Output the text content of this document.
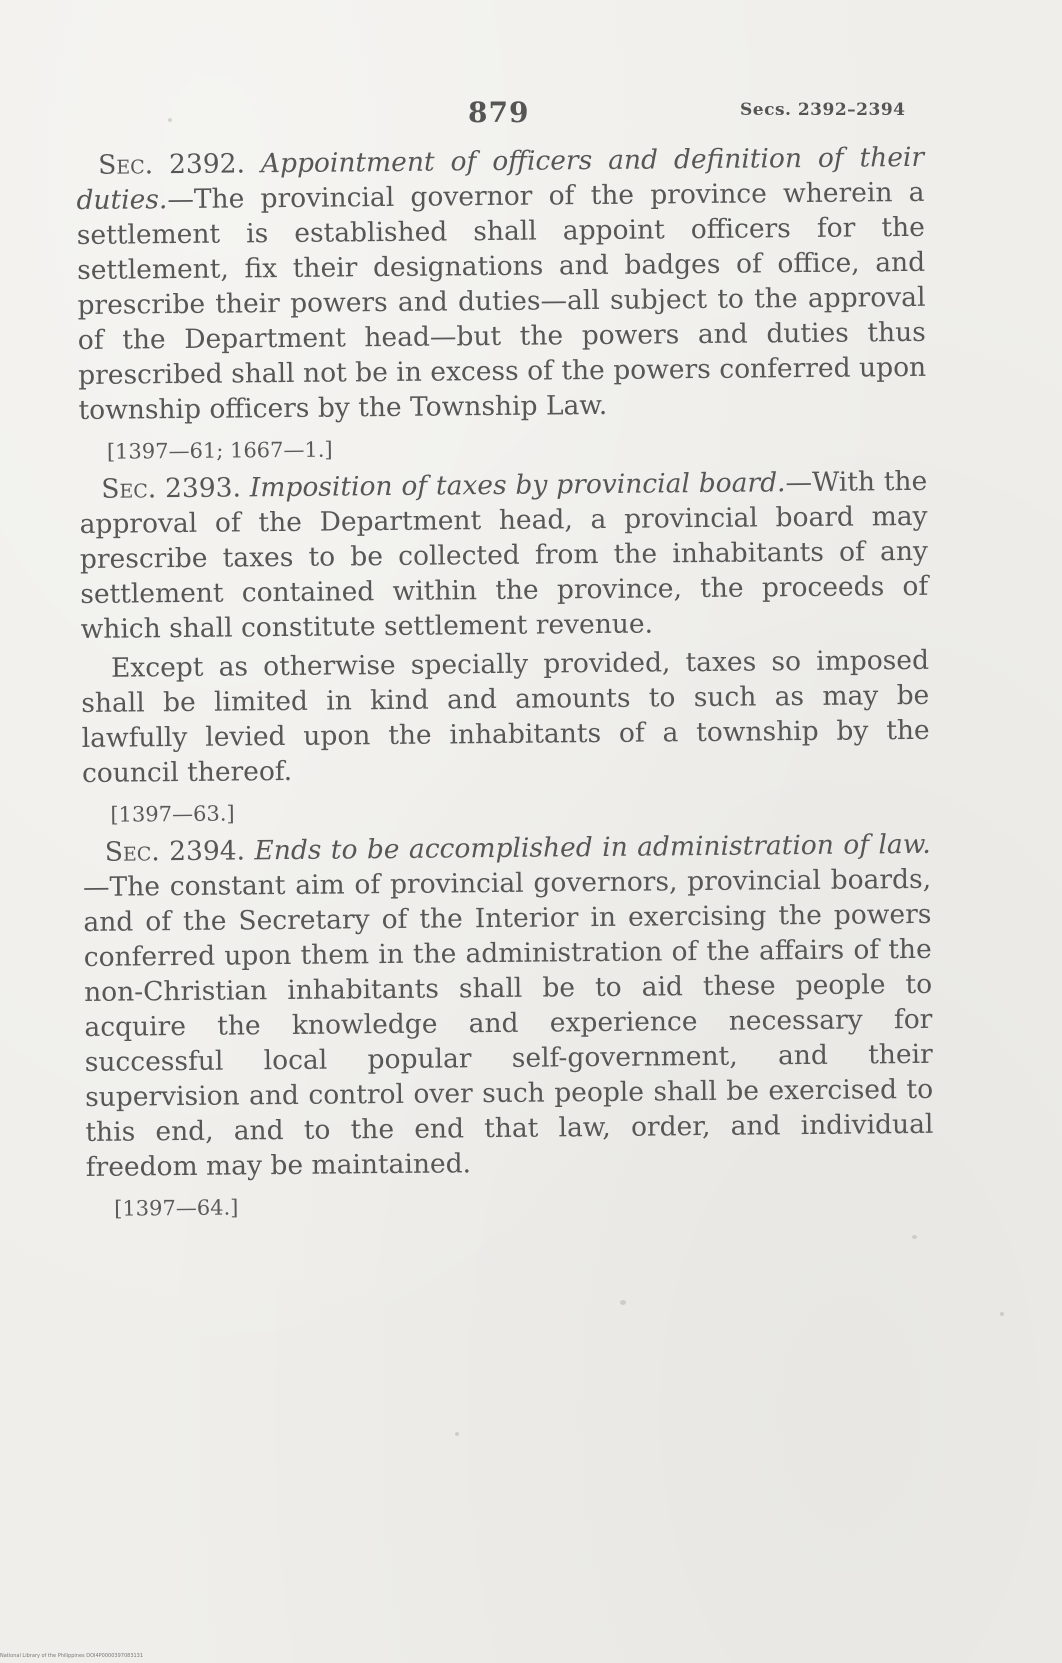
879	Secs. 2392–2394

Sec. 2392. Appointment of officers and definition of their duties.—The provincial governor of the province wherein a settlement is established shall appoint officers for the settlement, fix their designations and badges of office, and prescribe their powers and duties—all subject to the approval of the Department head—but the powers and duties thus prescribed shall not be in excess of the powers conferred upon township officers by the Township Law.

[1397—61; 1667—1.]

Sec. 2393. Imposition of taxes by provincial board.—With the approval of the Department head, a provincial board may prescribe taxes to be collected from the inhabitants of any settlement contained within the province, the proceeds of which shall constitute settlement revenue.

Except as otherwise specially provided, taxes so imposed shall be limited in kind and amounts to such as may be lawfully levied upon the inhabitants of a township by the council thereof.

[1397—63.]

Sec. 2394. Ends to be accomplished in administration of law.—The constant aim of provincial governors, provincial boards, and of the Secretary of the Interior in exercising the powers conferred upon them in the administration of the affairs of the non-Christian inhabitants shall be to aid these people to acquire the knowledge and experience necessary for successful local popular self-government, and their supervision and control over such people shall be exercised to this end, and to the end that law, order, and individual freedom may be maintained.

[1397—64.]
National Library of the Philippines DOI4P0000397083131
